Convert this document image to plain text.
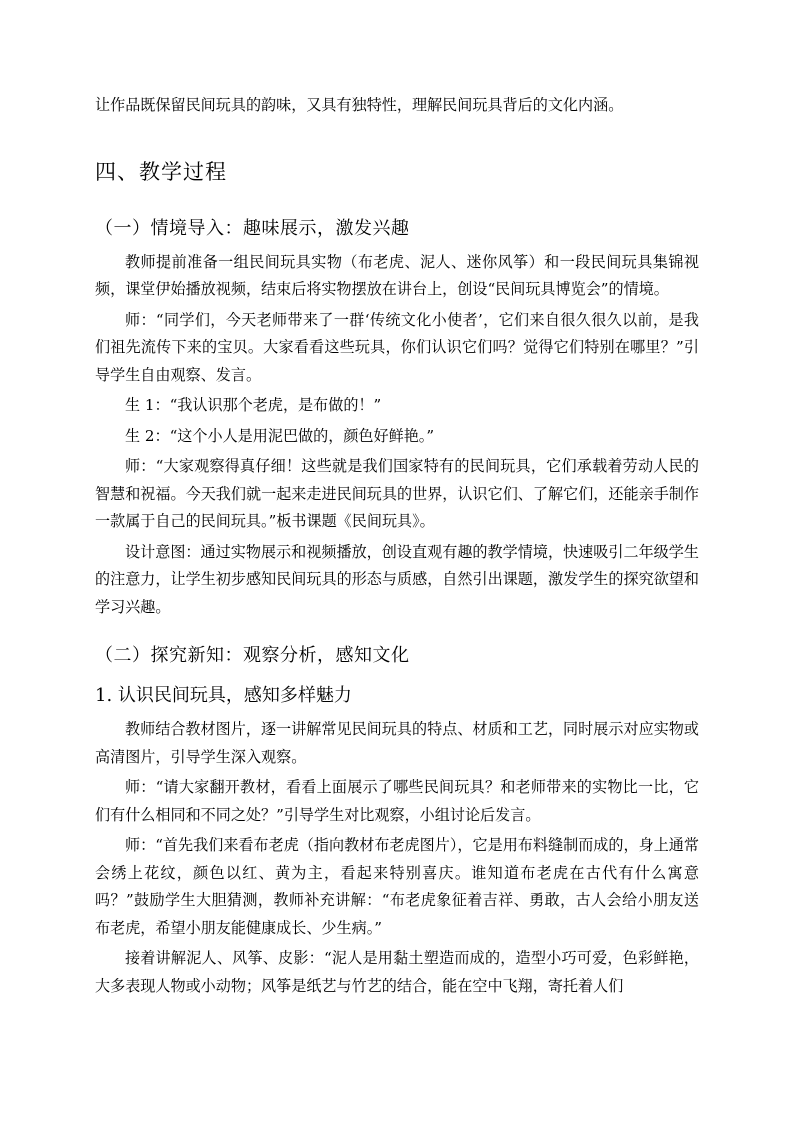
让作品既保留民间玩具的韵味，又具有独特性，理解民间玩具背后的文化内涵。

四、教学过程
（一）情境导入：趣味展示，激发兴趣

教师提前准备一组民间玩具实物（布老虎、泥人、迷你风筝）和一段民间玩具集锦视频，课堂伊始播放视频，结束后将实物摆放在讲台上，创设“民间玩具博览会”的情境。

师：“同学们，今天老师带来了一群‘传统文化小使者’，它们来自很久很久以前，是我们祖先流传下来的宝贝。大家看看这些玩具，你们认识它们吗？觉得它们特别在哪里？”引导学生自由观察、发言。

生 1：“我认识那个老虎，是布做的！”

生 2：“这个小人是用泥巴做的，颜色好鲜艳。”

师：“大家观察得真仔细！这些就是我们国家特有的民间玩具，它们承载着劳动人民的智慧和祝福。今天我们就一起来走进民间玩具的世界，认识它们、了解它们，还能亲手制作一款属于自己的民间玩具。”板书课题《民间玩具》。

设计意图：通过实物展示和视频播放，创设直观有趣的教学情境，快速吸引二年级学生的注意力，让学生初步感知民间玩具的形态与质感，自然引出课题，激发学生的探究欲望和学习兴趣。

（二）探究新知：观察分析，感知文化
1. 认识民间玩具，感知多样魅力

教师结合教材图片，逐一讲解常见民间玩具的特点、材质和工艺，同时展示对应实物或高清图片，引导学生深入观察。

师：“请大家翻开教材，看看上面展示了哪些民间玩具？和老师带来的实物比一比，它们有什么相同和不同之处？”引导学生对比观察，小组讨论后发言。

师：“首先我们来看布老虎（指向教材布老虎图片），它是用布料缝制而成的，身上通常会绣上花纹，颜色以红、黄为主，看起来特别喜庆。谁知道布老虎在古代有什么寓意吗？”鼓励学生大胆猜测，教师补充讲解：“布老虎象征着吉祥、勇敢，古人会给小朋友送布老虎，希望小朋友能健康成长、少生病。”

接着讲解泥人、风筝、皮影：“泥人是用黏土塑造而成的，造型小巧可爱，色彩鲜艳，大多表现人物或小动物；风筝是纸艺与竹艺的结合，能在空中飞翔，寄托着人们
